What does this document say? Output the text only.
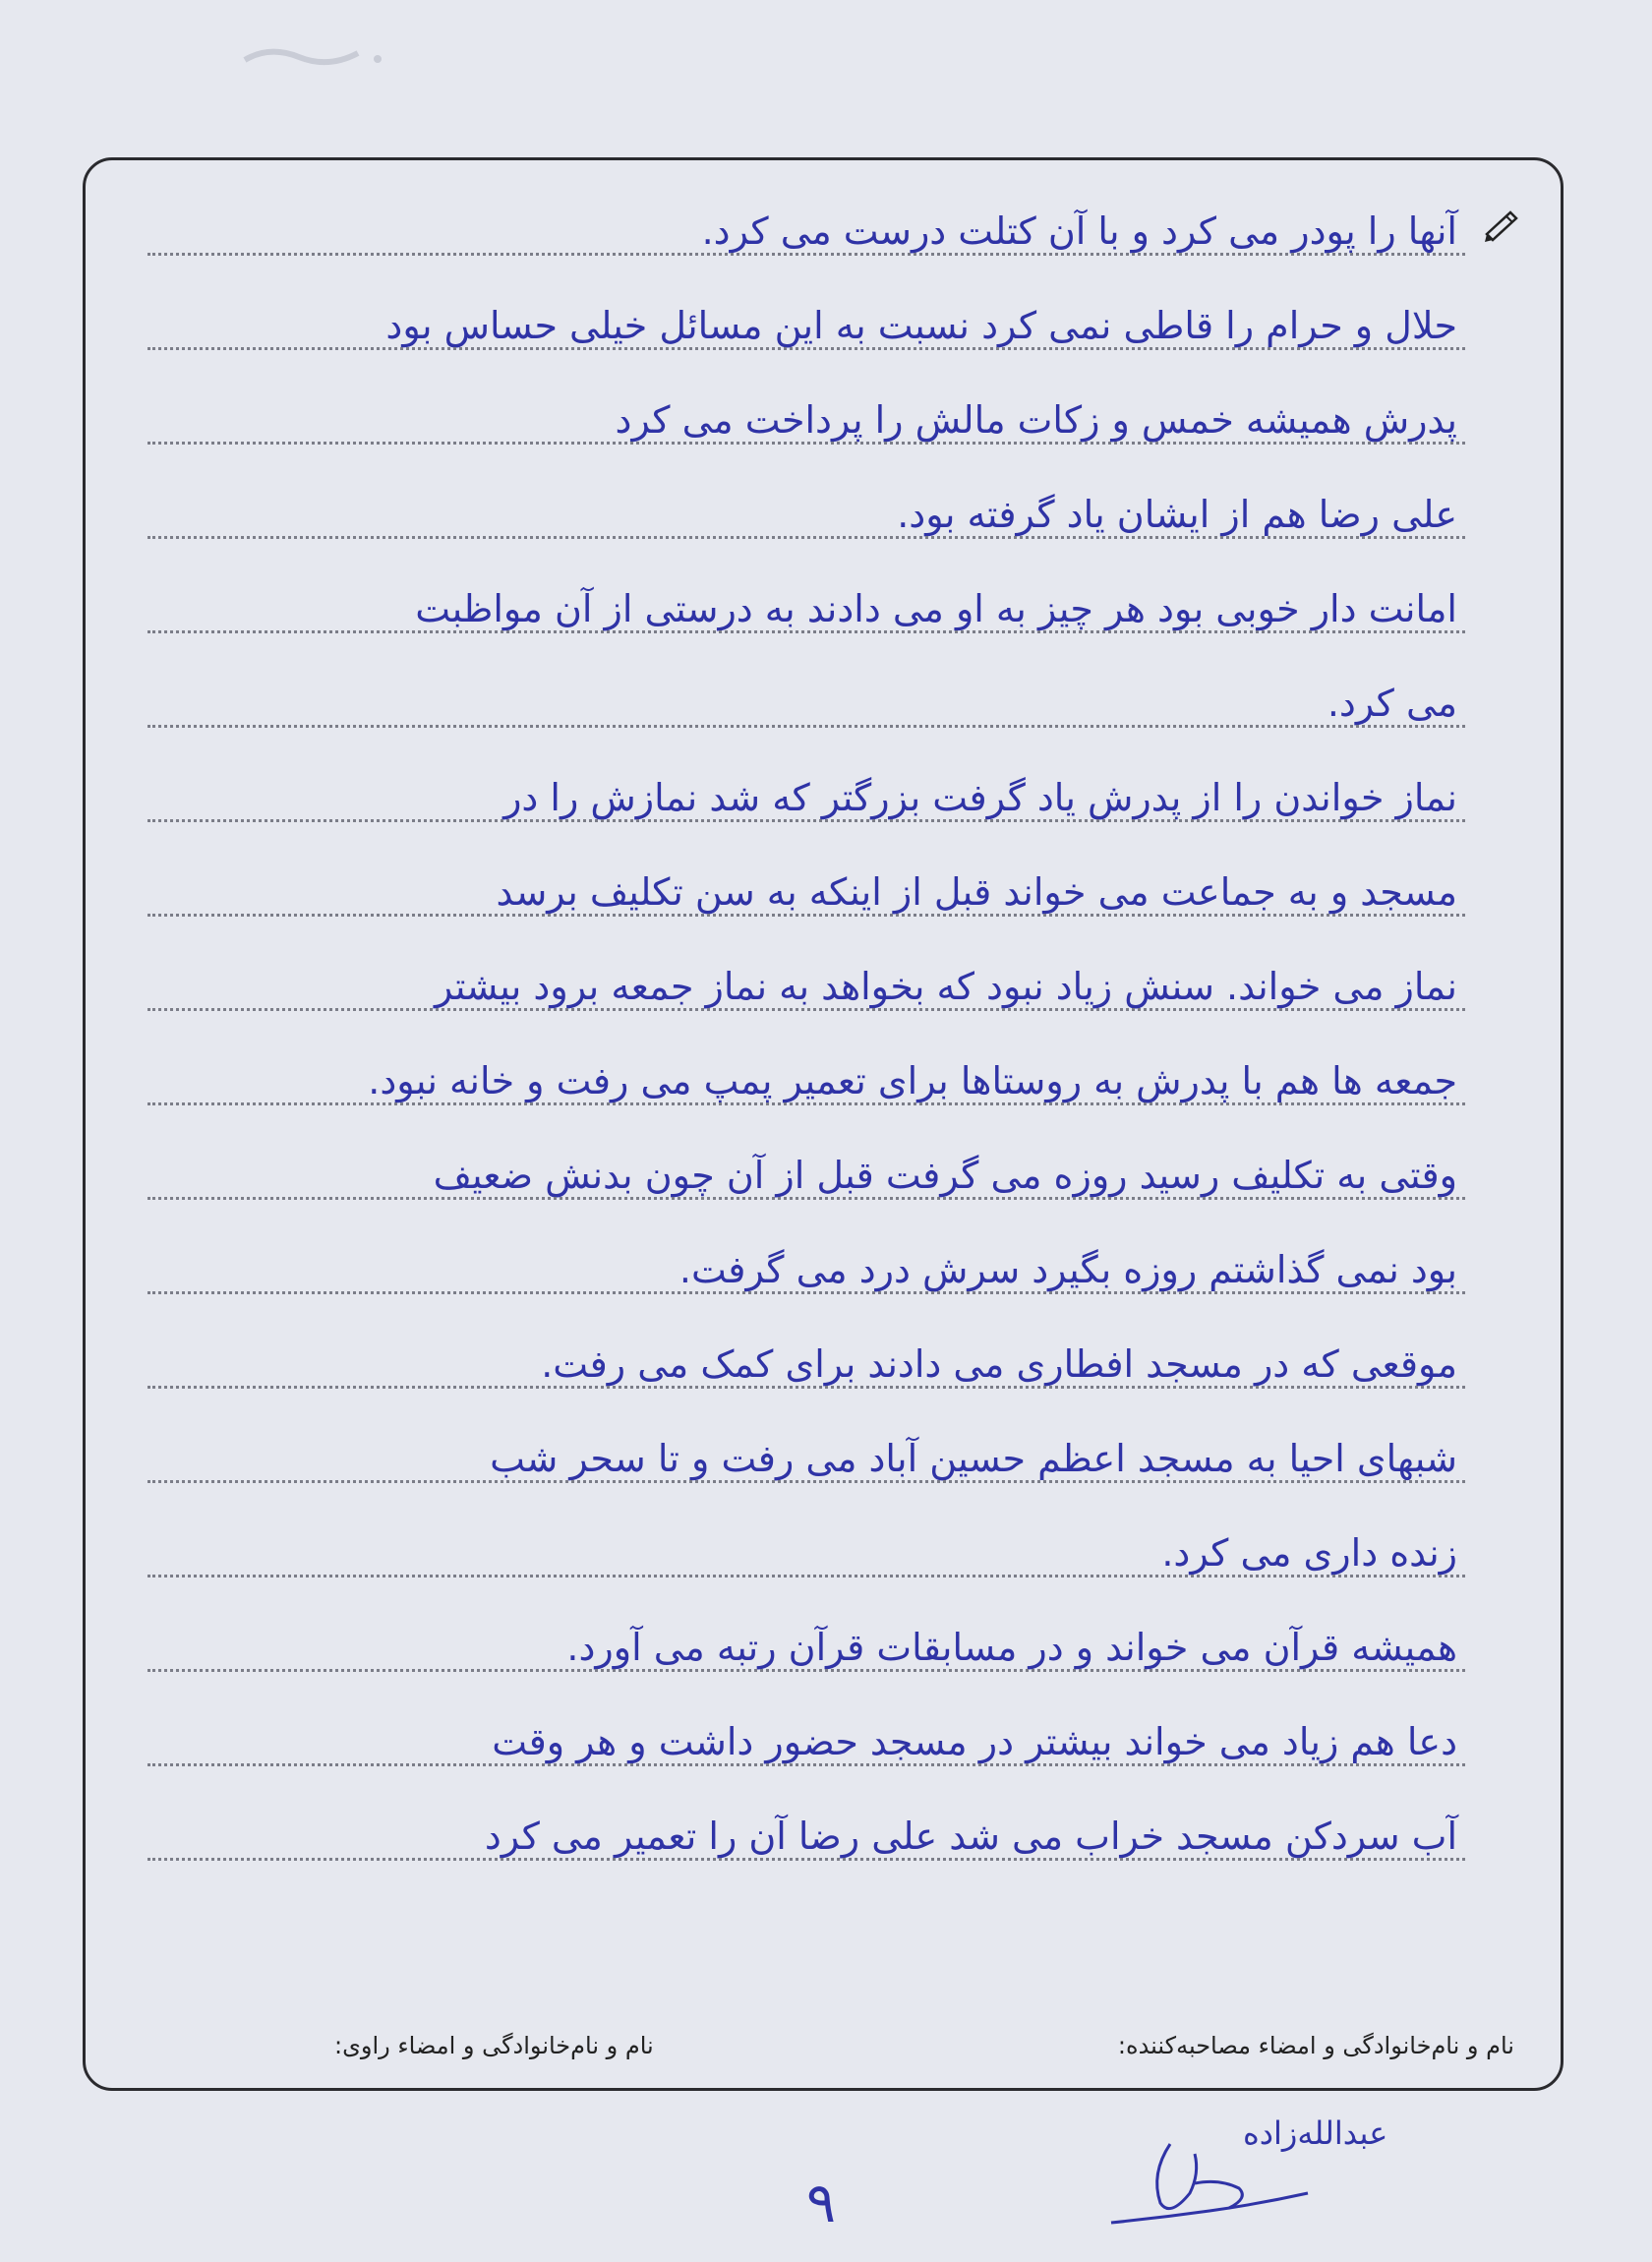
آنها را پودر می کرد و با آن کتلت درست می کرد.
حلال و حرام را قاطی نمی کرد نسبت به این مسائل خیلی حساس بود
پدرش همیشه خمس و زکات مالش را پرداخت می کرد
علی رضا هم از ایشان یاد گرفته بود.
امانت دار خوبی بود هر چیز به او می دادند به درستی از آن مواظبت
می کرد.
نماز خواندن را از پدرش یاد گرفت بزرگتر که شد نمازش را در
مسجد و به جماعت می خواند قبل از اینکه به سن تکلیف برسد
نماز می خواند. سنش زیاد نبود که بخواهد به نماز جمعه برود بیشتر
جمعه ها هم با پدرش به روستاها برای تعمیر پمپ می رفت و خانه نبود.
وقتی به تکلیف رسید روزه می گرفت قبل از آن چون بدنش ضعیف
بود نمی گذاشتم روزه بگیرد سرش درد می گرفت.
موقعی که در مسجد افطاری می دادند برای کمک می رفت.
شبهای احیا به مسجد اعظم حسین آباد می رفت و تا سحر شب
زنده داری می کرد.
همیشه قرآن می خواند و در مسابقات قرآن رتبه می آورد.
دعا هم زیاد می خواند بیشتر در مسجد حضور داشت و هر وقت
آب سردکن مسجد خراب می شد علی رضا آن را تعمیر می کرد
نام و نام‌خانوادگی و امضاء مصاحبه‌کننده:
نام و نام‌خانوادگی و امضاء راوی:
عبدالله‌زاده
۹
